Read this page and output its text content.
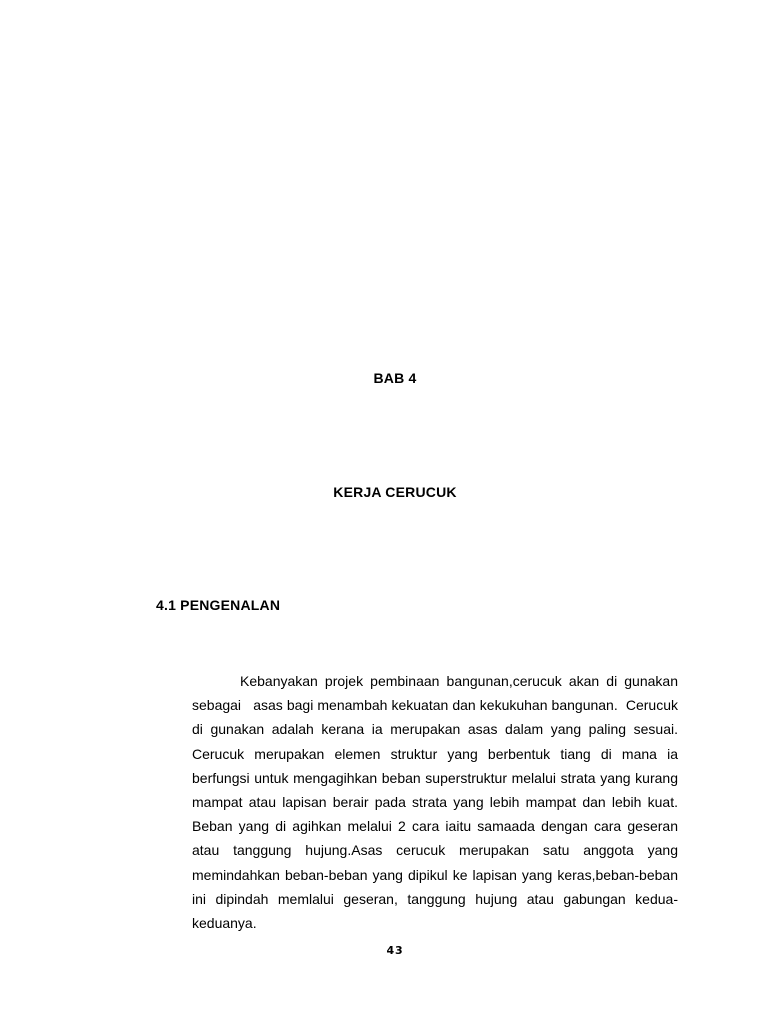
BAB 4
KERJA CERUCUK
4.1 PENGENALAN

Kebanyakan projek pembinaan bangunan,cerucuk akan di gunakan sebagai   asas bagi menambah kekuatan dan kekukuhan bangunan.  Cerucuk di gunakan adalah kerana ia merupakan asas dalam yang paling sesuai. Cerucuk merupakan elemen struktur yang berbentuk tiang di mana ia berfungsi untuk mengagihkan beban superstruktur melalui strata yang kurang mampat atau lapisan berair pada strata yang lebih mampat dan lebih kuat.  Beban yang di agihkan melalui 2 cara iaitu samaada dengan cara geseran atau tanggung hujung.Asas cerucuk merupakan satu anggota yang memindahkan beban-beban yang dipikul ke lapisan yang keras,beban-beban ini dipindah memlalui geseran, tanggung hujung atau gabungan kedua-keduanya.

43
